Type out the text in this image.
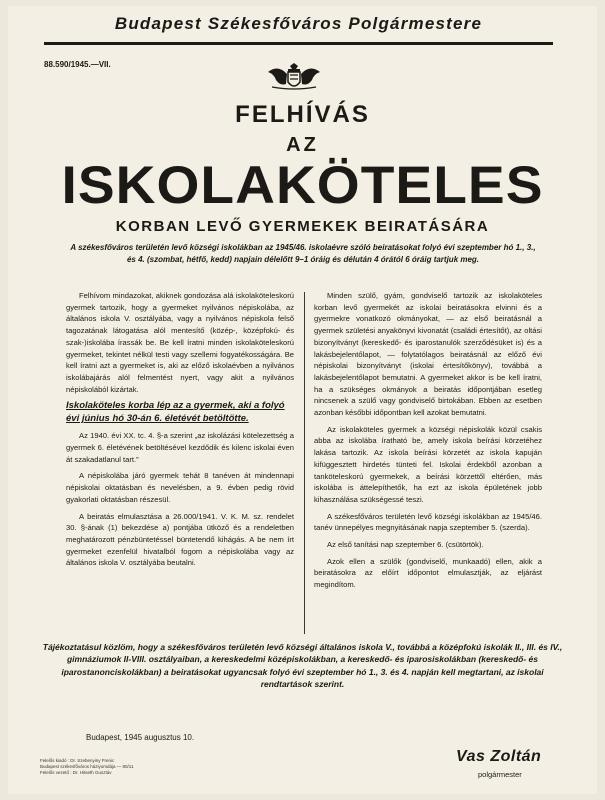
Budapest Székesfőváros Polgármestere
88.590/1945.—VII.
FELHÍVÁS
AZ
ISKOLAKÖTELES
KORBAN LEVŐ GYERMEKEK BEIRATÁSÁRA
A székesfőváros területén levő községi iskolákban az 1945/46. iskolaévre szóló beiratásokat folyó évi szeptember hó 1., 3., és 4. (szombat, hétfő, kedd) napjain délelőtt 9–1 óráig és délután 4 órától 6 óráig tartjuk meg.

Felhívom mindazokat, akiknek gondozása alá iskolaköteleskorú gyermek tartozik, hogy a gyermeket nyilvános népiskolába, az általános iskola V. osztályába, vagy a nyilvános népiskola felső tagozatának látogatása alól mentesítő (közép-, középfokú- és szak-)iskolába írassák be. Be kell íratni minden iskolaköteleskorú gyermeket, tekintet nélkül testi vagy szellemi fogyatékosságára. Be kell íratni azt a gyermeket is, aki az előző iskolaévben a nyilvános iskolábajárás alól felmentést nyert, vagy akit a nyilvános népiskolából kizártak.

Iskolaköteles korba lép az a gyermek, aki a folyó évi június hó 30-án 6. életévét betöltötte.

Az 1940. évi XX. tc. 4. §-a szerint „az iskolázási kötelezettség a gyermek 6. életévének betöltésével kezdődik és kilenc iskolai éven át szakadatlanul tart.”

A népiskolába járó gyermek tehát 8 tanéven át mindennapi népiskolai oktatásban és nevelésben, a 9. évben pedig rövid gyakorlati oktatásban részesül.

A beiratás elmulasztása a 26.000/1941. V. K. M. sz. rendelet 30. §-ának (1) bekezdése a) pontjába ütköző és a rendeletben meghatározott pénzbüntetéssel büntetendő kihágás. A be nem írt gyermeket ezenfelül hivatalból fogom a népiskolába vagy az általános iskola V. osztályába beutalni.

Minden szülő, gyám, gondviselő tartozik az iskolaköteles korban levő gyermekét az iskolai beiratásokra elvinni és a gyermekre vonatkozó okmányokat, — az első beiratásnál a gyermek születési anyakönyvi kivonatát (családi értesítőt), az oltási bizonyítványt (kereskedő- és iparostanulók szerződésüket is) és a lakásbejelentőlapot, — folytatólagos beiratásnál az előző évi népiskolai bizonyítványt (iskolai értesítőkönyv), továbbá a lakásbejelentőlapot bemutatni. A gyermeket akkor is be kell íratni, ha a szükséges okmányok a beiratás időpontjában esetleg nincsenek a szülő vagy gondviselő birtokában. Ebben az esetben azonban későbbi időpontban kell azokat bemutatni.

Az iskolaköteles gyermek a községi népiskolák közül csakis abba az iskolába íratható be, amely iskola beírási körzetéhez lakása tartozik. Az iskola beírási körzetét az iskola kapuján kifüggesztett hirdetés tünteti fel. Iskolai érdekből azonban a tanköteleskorú gyermekek, a beírási körzettől eltérően, más iskolába is áttelepíthetők, ha ezt az iskola épületének jobb kihasználása szükségessé teszi.

A székesfőváros területén levő községi iskolákban az 1945/46. tanév ünnepélyes megnyitásának napja szeptember 5. (szerda).

Az első tanítási nap szeptember 6. (csütörtök).

Azok ellen a szülők (gondviselő, munkaadó) ellen, akik a beiratásokra az előírt időpontot elmulasztják, az eljárást megindítom.

Tájékoztatásul közlöm, hogy a székesfőváros területén levő községi általános iskola V., továbbá a középfokú iskolák II., III. és IV., gimnáziumok II-VIII. osztályaiban, a kereskedelmi középiskolákban, a kereskedő- és iparosiskolákban (kereskedő- és iparostanonciskolákban) a beiratásokat ugyancsak folyó évi szeptember hó 1., 3. és 4. napján kell megtartani, az iskolai rendtartások szerint.
Budapest, 1945 augusztus 10.
Felelős kiadó : Dr. Szebenyiny Frenic
Budapest székesfőváros háziyomdája — 80/11
Felelős vezető : Dr. Hitseth Gusztáv
Vas Zoltán
polgármester
